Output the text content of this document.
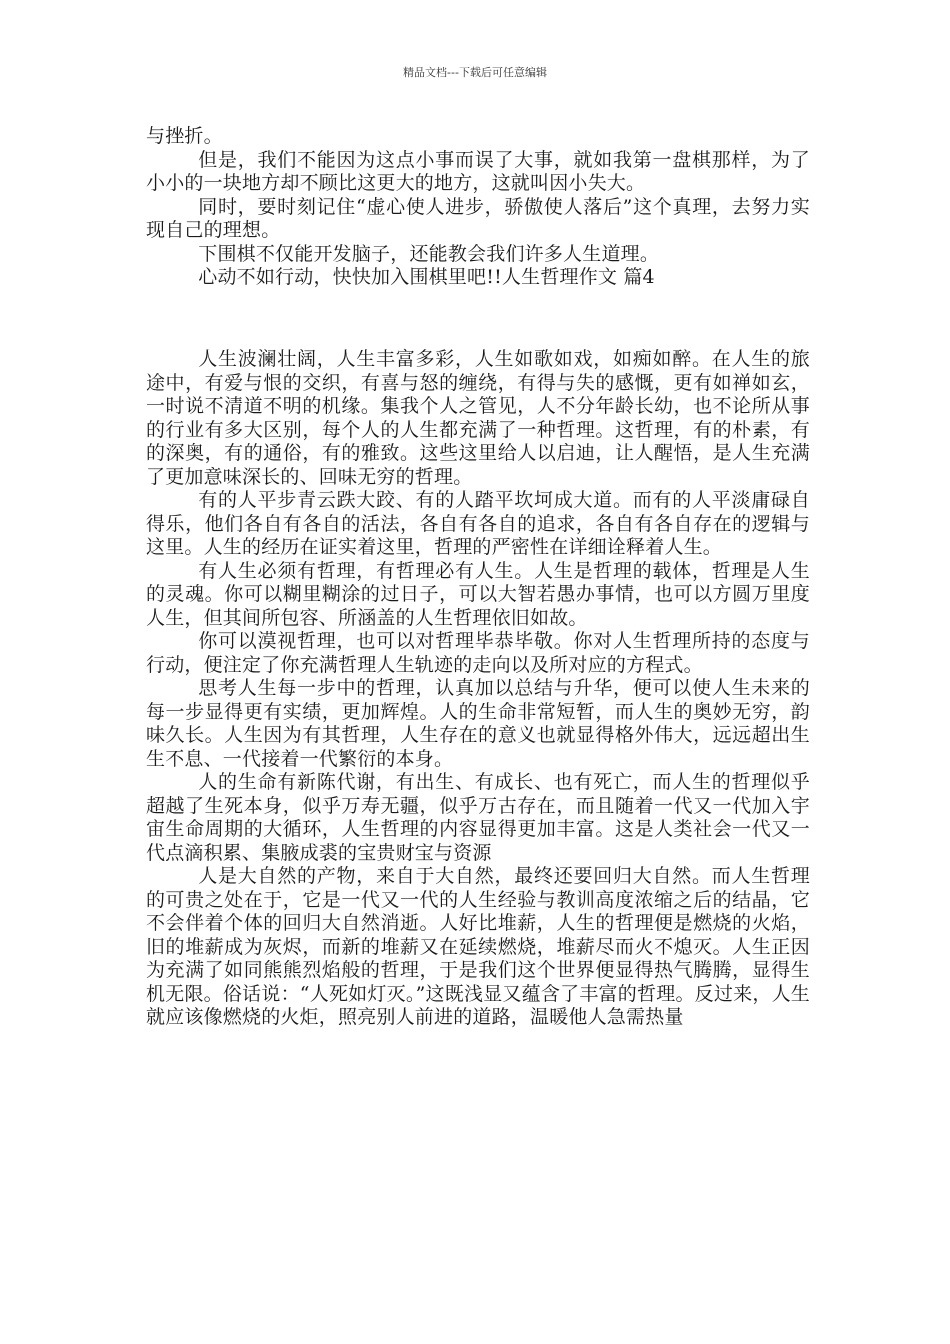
精品文档---下载后可任意编辑

与挫折。

但是，我们不能因为这点小事而误了大事，就如我第一盘棋那样，为了小小的一块地方却不顾比这更大的地方，这就叫因小失大。

同时，要时刻记住“虚心使人进步，骄傲使人落后”这个真理，去努力实现自己的理想。

下围棋不仅能开发脑子，还能教会我们许多人生道理。

心动不如行动，快快加入围棋里吧!!人生哲理作文 篇4

人生波澜壮阔，人生丰富多彩，人生如歌如戏，如痴如醉。在人生的旅途中，有爱与恨的交织，有喜与怒的缠绕，有得与失的感慨，更有如禅如玄，一时说不清道不明的机缘。集我个人之管见，人不分年龄长幼，也不论所从事的行业有多大区别，每个人的人生都充满了一种哲理。这哲理，有的朴素，有的深奥，有的通俗，有的雅致。这些这里给人以启迪，让人醒悟，是人生充满了更加意味深长的、回味无穷的哲理。

有的人平步青云跌大跤、有的人踏平坎坷成大道。而有的人平淡庸碌自得乐，他们各自有各自的活法，各自有各自的追求，各自有各自存在的逻辑与这里。人生的经历在证实着这里，哲理的严密性在详细诠释着人生。

有人生必须有哲理，有哲理必有人生。人生是哲理的载体，哲理是人生的灵魂。你可以糊里糊涂的过日子，可以大智若愚办事情，也可以方圆万里度人生，但其间所包容、所涵盖的人生哲理依旧如故。

你可以漠视哲理，也可以对哲理毕恭毕敬。你对人生哲理所持的态度与行动，便注定了你充满哲理人生轨迹的走向以及所对应的方程式。

思考人生每一步中的哲理，认真加以总结与升华，便可以使人生未来的每一步显得更有实绩，更加辉煌。人的生命非常短暂，而人生的奥妙无穷，韵味久长。人生因为有其哲理，人生存在的意义也就显得格外伟大，远远超出生生不息、一代接着一代繁衍的本身。

人的生命有新陈代谢，有出生、有成长、也有死亡，而人生的哲理似乎超越了生死本身，似乎万寿无疆，似乎万古存在，而且随着一代又一代加入宇宙生命周期的大循环，人生哲理的内容显得更加丰富。这是人类社会一代又一代点滴积累、集腋成裘的宝贵财宝与资源

人是大自然的产物，来自于大自然，最终还要回归大自然。而人生哲理的可贵之处在于，它是一代又一代的人生经验与教训高度浓缩之后的结晶，它不会伴着个体的回归大自然消逝。人好比堆薪，人生的哲理便是燃烧的火焰，旧的堆薪成为灰烬，而新的堆薪又在延续燃烧，堆薪尽而火不熄灭。人生正因为充满了如同熊熊烈焰般的哲理，于是我们这个世界便显得热气腾腾，显得生机无限。俗话说：“人死如灯灭。”这既浅显又蕴含了丰富的哲理。反过来，人生就应该像燃烧的火炬，照亮别人前进的道路，温暖他人急需热量
